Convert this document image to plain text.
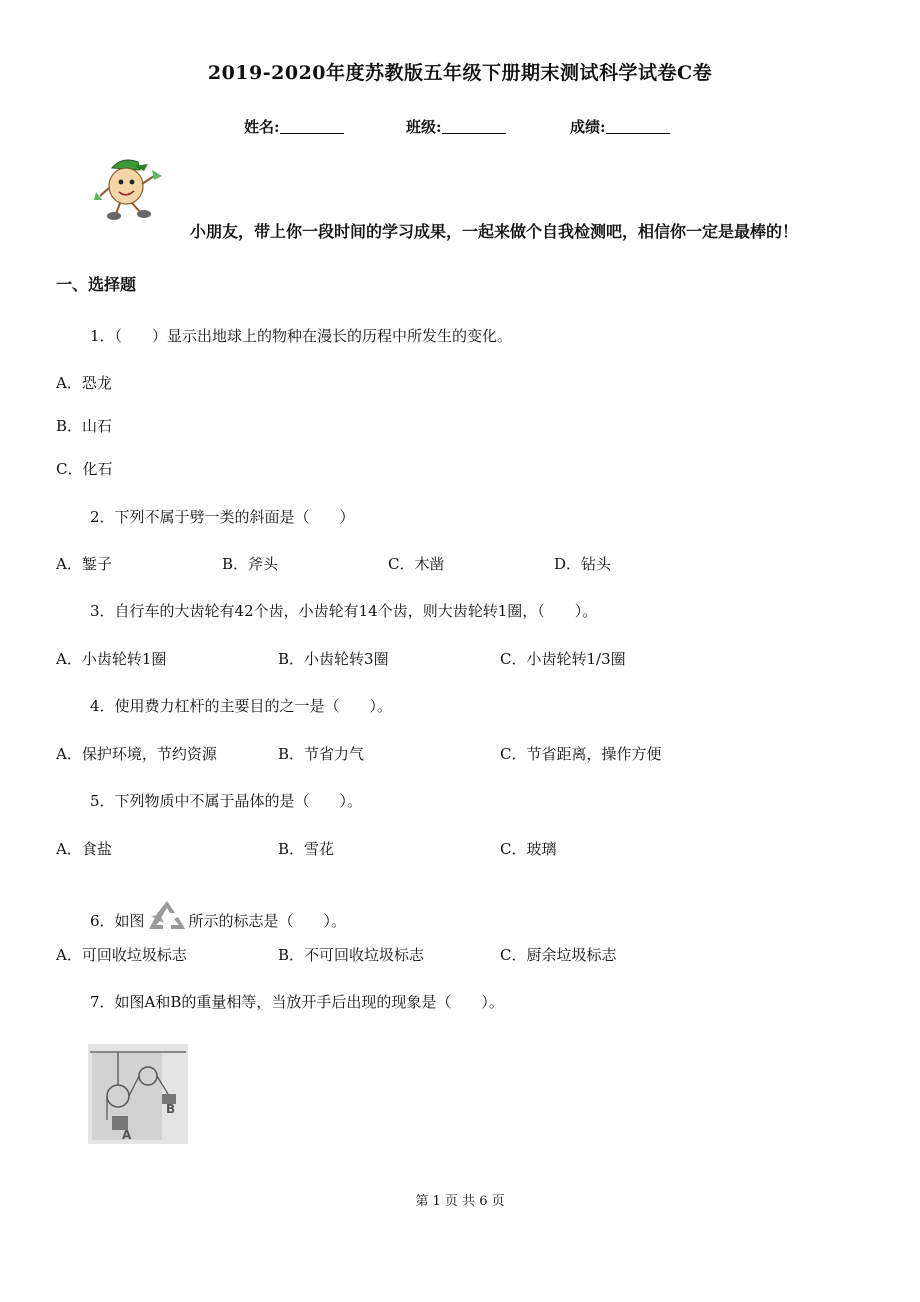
2019-2020年度苏教版五年级下册期末测试科学试卷C卷
姓名:	班级:	成绩:
小朋友，带上你一段时间的学习成果，一起来做个自我检测吧，相信你一定是最棒的！
一、选择题
1．（　　）显示出地球上的物种在漫长的历程中所发生的变化。
A．恐龙
B．山石
C．化石
2．下列不属于劈一类的斜面是（　　）
A．錾子	B．斧头	C．木凿	D．钻头
3．自行车的大齿轮有42个齿，小齿轮有14个齿，则大齿轮转1圈，（　　）。
A．小齿轮转1圈	B．小齿轮转3圈	C．小齿轮转1/3圈
4．使用费力杠杆的主要目的之一是（　　）。
A．保护环境，节约资源	B．节省力气	C．节省距离，操作方便
5．下列物质中不属于晶体的是（　　）。
A．食盐	B．雪花	C．玻璃
6．如图	所示的标志是（　　）。
A．可回收垃圾标志	B．不可回收垃圾标志	C．厨余垃圾标志
7．如图A和B的重量相等，当放开手后出现的现象是（　　）。
A
B
第 1 页 共 6 页
